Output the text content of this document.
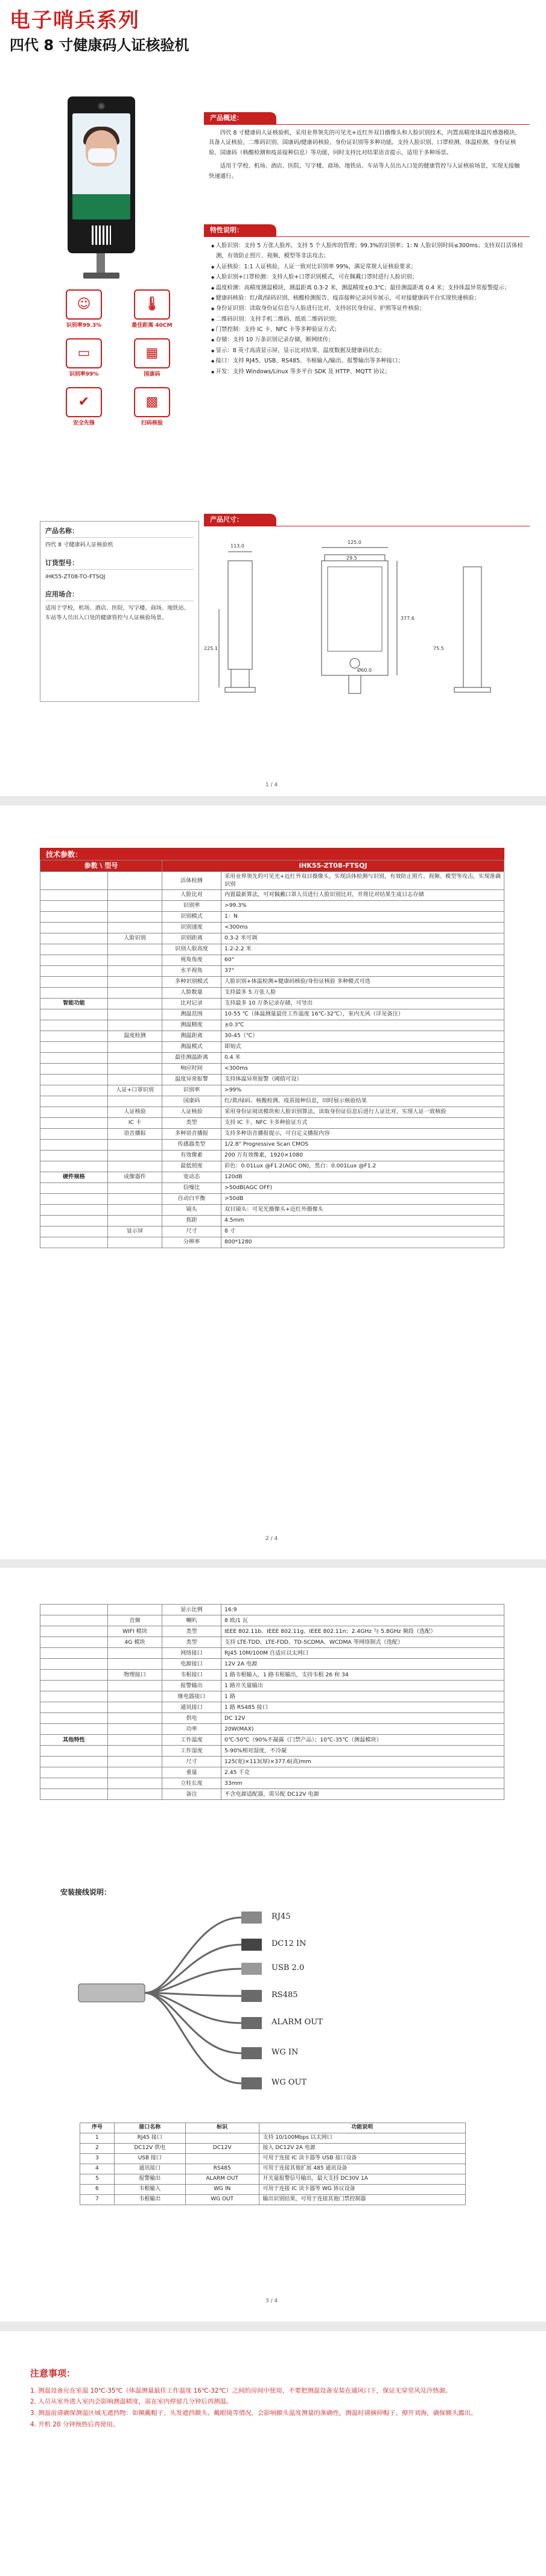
电子哨兵系列
四代 8 寸健康码人证核验机
☺
识别率99.3%

🌡
最佳距离 40CM

▭
识别率99%

▦
国康码

✔
安全先锋

▩
扫码核验
产品概述：

四代 8 寸健康码人证核验机，采用业界领先的可见光+近红外双目摄像头和人脸识别技术，内置高精度体温传感器模块，具备人证核验、二维码识别、国康码/健康码核验、身份证识别等多种功能。支持人脸识别、口罩检测、体温检测、身份证核验、国康码（核酸检测和疫苗接种信息）等功能，同时支持比对结果语音提示，适用于多种场景。

适用于学校、机场、酒店、医院、写字楼、商场、地铁站、车站等人员出入口处的健康管控与人证核验场景，实现无接触快速通行。

特性说明：
◆ 人脸识别：支持 5 万张人脸库，支持 5 个人脸库的管理；99.3%的识别率；1: N 人脸识别时间≤300ms；支持双目活体检测，有效防止照片、视频、模型等非法攻击；
◆ 人证核验：1:1 人证核验，人证一致对比识别率 99%，满足常规人证核验要求；
◆ 人脸识别+口罩检测：支持人脸+口罩识别模式，可在佩戴口罩时进行人脸识别；
◆ 温度检测：高精度测温模块，测温距离 0.3-2 米，测温精度±0.3℃；最佳测温距离 0.4 米；支持体温异常报警提示；
◆ 健康码核验：红/黄/绿码识别、核酸检测报告、疫苗接种记录同步展示，可对接健康码平台实现快速核验；
◆ 身份证识别：读取身份证信息与人脸进行比对，支持居民身份证、护照等证件核验；
◆ 二维码识别：支持手机二维码、纸质二维码识别；
◆ 门禁控制：支持 IC 卡、NFC 卡等多种验证方式；
◆ 存储：支持 10 万条识别记录存储，断网续传；
◆ 显示：8 英寸高清显示屏，显示比对结果、温度数据及健康码状态；
◆ 接口：支持 RJ45、USB、RS485、韦根输入/输出、报警输出等多种接口；
◆ 开发：支持 Windows/Linux 等多平台 SDK 及 HTTP、MQTT 协议；
产品名称：
四代 8 寸健康码人证核验机
订货型号：
iHK55-ZT08-TO-FTSQJ
应用场合：
适用于学校、机场、酒店、医院、写字楼、商场、地铁站、车站等人员出入口处的健康管控与人证核验场景。
产品尺寸：
113.0
125.0
29.5
Ø60.0
377.6
225.1	75.5
1 / 4
技术参数：
参数 \ 型号		iHK55-ZT08-FTSQJ	
		活体检测	采用业界领先的可见光+近红外双目摄像头，实现活体检测与识别，有效防止照片、视频、模型等攻击，实现准确识别
		人脸比对	内置最新算法，可对佩戴口罩人员进行人脸识别比对，并将比对结果生成日志存储
		识别率	>99.3%
		识别模式	1：N
		识别速度	<300ms
	人脸识别	识别距离	0.3-2 米可调
		识别人脸高度	1.2-2.2 米
		视角角度	60°
		水平视角	37°
		多种识别模式	人脸识别+体温检测+健康码核验/身份证核验 多种模式可选
		人脸数量	支持最多 5 万张人脸
智能功能		比对记录	支持最多 10 万条记录存储，可导出
		测温范围	10-55 ℃（体温测量最佳工作温度 16℃-32℃），室内无风（详见备注）
		测温精度	±0.3℃
	温度检测	测温距离	30-45（℃）
		测温模式	即刻式
		最佳测温距离	0.4 米
		响应时间	<300ms
		温度异常报警	支持体温异常报警（阈值可设）
	人证+口罩识别	识别率	>99%
		国康码	红/黄/绿码、核酸检测、疫苗接种信息，同时展示核验结果
	人证核验	人证核验	采用身份证阅读模块和人脸识别算法，读取身份证信息后进行人证比对，实现人证一致核验
	IC 卡	类型	支持 IC 卡、NFC 卡多种验证方式
	语音播报	多种语音播报	支持多种语音播报提示，可自定义播报内容
		传感器类型	1/2.8" Progressive Scan CMOS
		有效像素	200 万有效像素，1920×1080
		最低照度	彩色：0.01Lux @F1.2(AGC ON)，黑白：0.001Lux @F1.2
硬件规格	成像器件	宽动态	120dB
		信噪比	>50dB(AGC OFF)
		自动白平衡	>50dB
		镜头	双目镜头：可见光摄像头+近红外摄像头
		焦距	4.5mm
	显示屏	尺寸	8 寸
		分辨率	800*1280
2 / 4
		显示比例	16:9
	音频	喇叭	8 欧/1 瓦
	WIFI 模块	类型	IEEE 802.11b、IEEE 802.11g、IEEE 802.11n；2.4GHz 与 5.8GHz 频段（选配）
	4G 模块	类型	支持 LTE-TDD、LTE-FDD、TD-SCDMA、WCDMA 等网络制式（选配）
		网络接口	RJ45 10M/100M 自适应以太网口
		电源接口	12V 2A 电源
	物理接口	韦根接口	1 路韦根输入，1 路韦根输出，支持韦根 26 和 34
		报警输出	1 路开关量输出
		继电器接口	1 路
		通讯接口	1 路 RS485 接口
		供电	DC 12V
		功率	20W(MAX)
其他特性		工作温度	0℃-50℃（90%不凝露（门禁产品）；10℃-35℃（测温模块）
		工作湿度	5-90%相对湿度，不冷凝
		尺寸	125(宽)×113(厚)×377.6(高)mm
		重量	2.45 千克
		立柱长度	33mm
		备注	不含电源适配器，需另配 DC12V 电源
安装接线说明：
RJ45
DC12 IN
USB 2.0
RS485
ALARM OUT
WG IN
WG OUT
序号	接口名称	标识	功能说明
1	RJ45 接口		支持 10/100Mbps 以太网口
2	DC12V 供电	DC12V	接入 DC12V 2A 电源
3	USB 接口		可用于连接 IC 读卡器等 USB 接口设备
4	通讯接口	RS485	可用于连接其他扩展 485 通讯设备
5	报警输出	ALARM OUT	开关量报警信号输出，最大支持 DC30V 1A
6	韦根输入	WG IN	可用于连接 IC 读卡器等 WG 协议设备
7	韦根输出	WG OUT	输出识别结果，可用于连接其他门禁控制器
3 / 4
注意事项：
1. 测温设备应在室温 10℃-35℃（体温测量最佳工作温度 16℃-32℃）之间的房间中使用，不要把测温设备安装在通风口下，保证无穿堂风及冷热源。
2. 人员从室外进入室内会影响测温精度，需在室内停留几分钟后再测温。
3. 测温前请确保测温区域无遮挡物：如佩戴帽子、头发遮挡额头、戴眼镜等情况，会影响额头温度测量的准确性，测温时请摘掉帽子、撩开刘海，确保额头露出。
4. 开机 20 分钟预热后再使用。
